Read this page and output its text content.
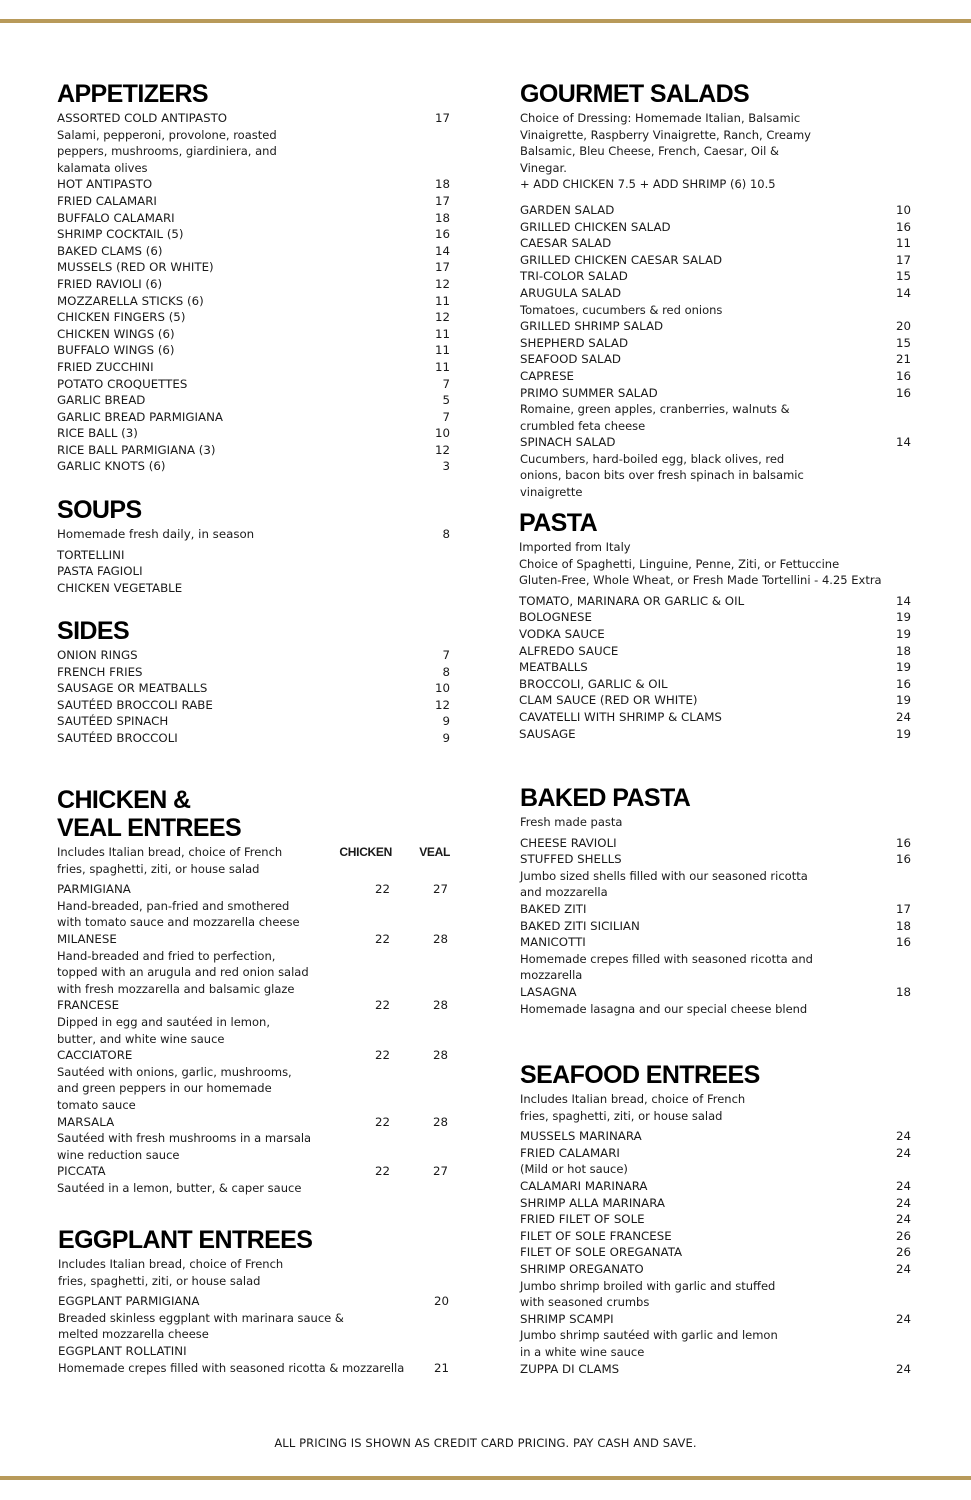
APPETIZERS
ASSORTED COLD ANTIPASTO	17
Salami, pepperoni, provolone, roasted peppers, mushrooms, giardiniera, and kalamata olives
HOT ANTIPASTO	18
FRIED CALAMARI	17
BUFFALO CALAMARI	18
SHRIMP COCKTAIL (5)	16
BAKED CLAMS (6)	14
MUSSELS (RED OR WHITE)	17
FRIED RAVIOLI (6)	12
MOZZARELLA STICKS (6)	11
CHICKEN FINGERS (5)	12
CHICKEN WINGS (6)	11
BUFFALO WINGS (6)	11
FRIED ZUCCHINI	11
POTATO CROQUETTES	7
GARLIC BREAD	5
GARLIC BREAD PARMIGIANA	7
RICE BALL (3)	10
RICE BALL PARMIGIANA (3)	12
GARLIC KNOTS (6)	3
SOUPS
Homemade fresh daily, in season	8
TORTELLINI
PASTA FAGIOLI
CHICKEN VEGETABLE
SIDES
ONION RINGS	7
FRENCH FRIES	8
SAUSAGE OR MEATBALLS	10
SAUTÉED BROCCOLI RABE	12
SAUTÉED SPINACH	9
SAUTÉED BROCCOLI	9
CHICKEN &
VEAL ENTREES
Includes Italian bread, choice of French fries, spaghetti, ziti, or house salad
CHICKEN VEAL
PARMIGIANA	22	27
Hand-breaded, pan-fried and smothered with tomato sauce and mozzarella cheese
MILANESE	22	28
Hand-breaded and fried to perfection, topped with an arugula and red onion salad with fresh mozzarella and balsamic glaze
FRANCESE	22	28
Dipped in egg and sautéed in lemon, butter, and white wine sauce
CACCIATORE	22	28
Sautéed with onions, garlic, mushrooms, and green peppers in our homemade tomato sauce
MARSALA	22	28
Sautéed with fresh mushrooms in a marsala wine reduction sauce
PICCATA	22	27
Sautéed in a lemon, butter, & caper sauce
EGGPLANT ENTREES
Includes Italian bread, choice of French fries, spaghetti, ziti, or house salad
EGGPLANT PARMIGIANA	20
Breaded skinless eggplant with marinara sauce & melted mozzarella cheese
EGGPLANT ROLLATINI
Homemade crepes filled with seasoned ricotta & mozzarella	21
GOURMET SALADS
Choice of Dressing: Homemade Italian, Balsamic Vinaigrette, Raspberry Vinaigrette, Ranch, Creamy Balsamic, Bleu Cheese, French, Caesar, Oil & Vinegar.
+ ADD CHICKEN 7.5 + ADD SHRIMP (6) 10.5
GARDEN SALAD	10
GRILLED CHICKEN SALAD	16
CAESAR SALAD	11
GRILLED CHICKEN CAESAR SALAD	17
TRI-COLOR SALAD	15
ARUGULA SALAD	14
Tomatoes, cucumbers & red onions
GRILLED SHRIMP SALAD	20
SHEPHERD SALAD	15
SEAFOOD SALAD	21
CAPRESE	16
PRIMO SUMMER SALAD	16
Romaine, green apples, cranberries, walnuts & crumbled feta cheese
SPINACH SALAD	14
Cucumbers, hard-boiled egg, black olives, red onions, bacon bits over fresh spinach in balsamic vinaigrette
PASTA
Imported from Italy
Choice of Spaghetti, Linguine, Penne, Ziti, or Fettuccine
Gluten-Free, Whole Wheat, or Fresh Made Tortellini - 4.25 Extra
TOMATO, MARINARA OR GARLIC & OIL	14
BOLOGNESE	19
VODKA SAUCE	19
ALFREDO SAUCE	18
MEATBALLS	19
BROCCOLI, GARLIC & OIL	16
CLAM SAUCE (RED OR WHITE)	19
CAVATELLI WITH SHRIMP & CLAMS	24
SAUSAGE	19
BAKED PASTA
Fresh made pasta
CHEESE RAVIOLI	16
STUFFED SHELLS	16
Jumbo sized shells filled with our seasoned ricotta and mozzarella
BAKED ZITI	17
BAKED ZITI SICILIAN	18
MANICOTTI	16
Homemade crepes filled with seasoned ricotta and mozzarella
LASAGNA	18
Homemade lasagna and our special cheese blend
SEAFOOD ENTREES
Includes Italian bread, choice of French fries, spaghetti, ziti, or house salad
MUSSELS MARINARA	24
FRIED CALAMARI	24
(Mild or hot sauce)
CALAMARI MARINARA	24
SHRIMP ALLA MARINARA	24
FRIED FILET OF SOLE	24
FILET OF SOLE FRANCESE	26
FILET OF SOLE OREGANATA	26
SHRIMP OREGANATO	24
Jumbo shrimp broiled with garlic and stuffed with seasoned crumbs
SHRIMP SCAMPI	24
Jumbo shrimp sautéed with garlic and lemon in a white wine sauce
ZUPPA DI CLAMS	24
ALL PRICING IS SHOWN AS CREDIT CARD PRICING. PAY CASH AND SAVE.
